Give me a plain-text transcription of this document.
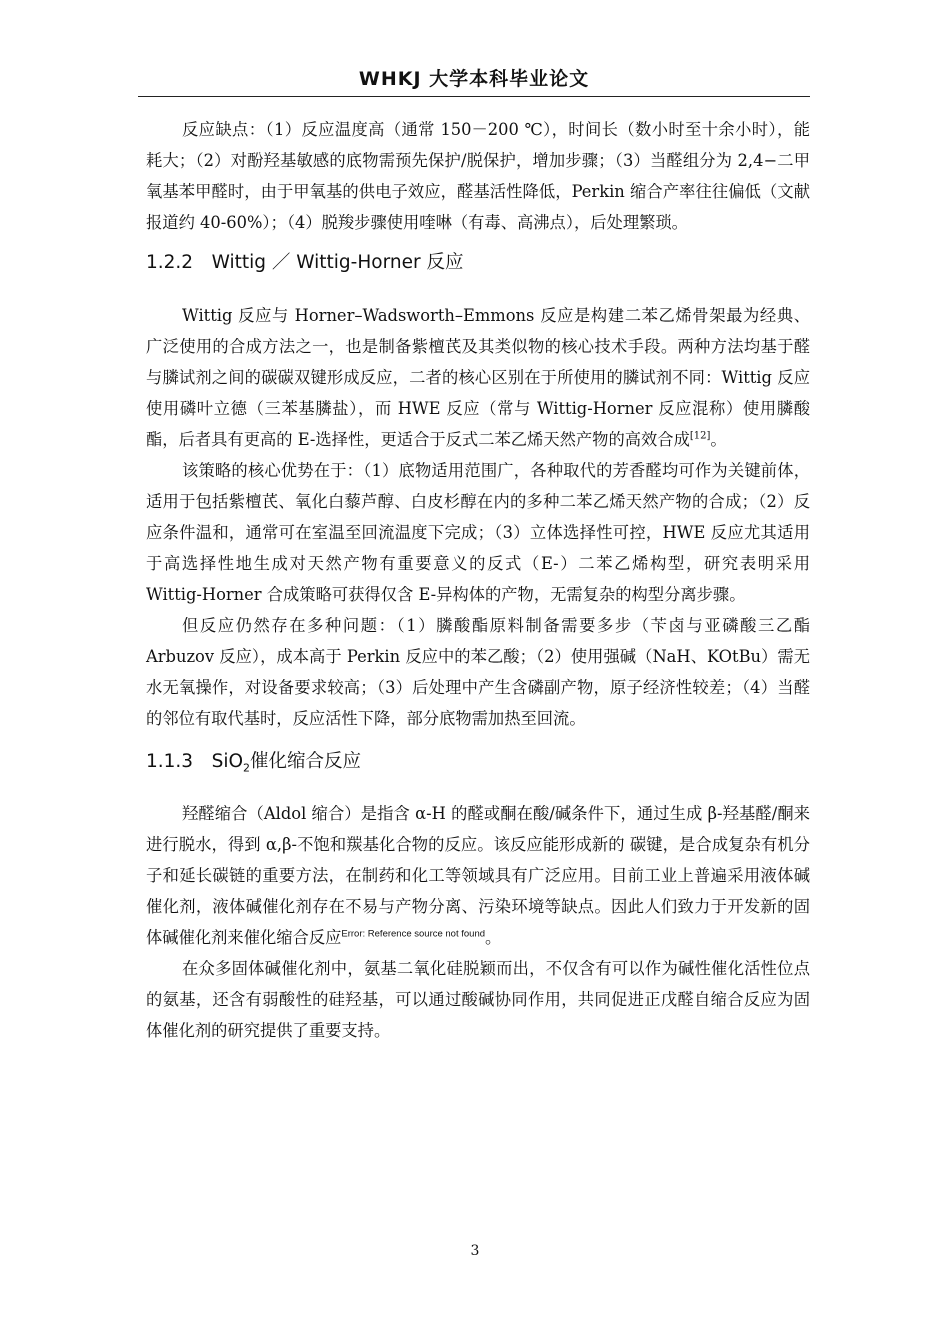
WHKJ 大学本科毕业论文

反应缺点：（1）反应温度高（通常 150－200 ℃），时间长（数小时至十余小时），能耗大；（2）对酚羟基敏感的底物需预先保护/脱保护，增加步骤；（3）当醛组分为 2,4−二甲氧基苯甲醛时，由于甲氧基的供电子效应，醛基活性降低，Perkin 缩合产率往往偏低（文献报道约 40-60%）；（4）脱羧步骤使用喹啉（有毒、高沸点），后处理繁琐。

1.2.2　Wittig ／ Wittig-Horner 反应

Wittig 反应与 Horner–Wadsworth–Emmons 反应是构建二苯乙烯骨架最为经典、广泛使用的合成方法之一，也是制备紫檀芪及其类似物的核心技术手段。两种方法均基于醛与膦试剂之间的碳碳双键形成反应，二者的核心区别在于所使用的膦试剂不同：Wittig 反应使用磷叶立德（三苯基膦盐），而 HWE 反应（常与 Wittig-Horner 反应混称）使用膦酸酯，后者具有更高的 E-选择性，更适合于反式二苯乙烯天然产物的高效合成[12]。

该策略的核心优势在于：（1）底物适用范围广，各种取代的芳香醛均可作为关键前体，适用于包括紫檀芪、氧化白藜芦醇、白皮杉醇在内的多种二苯乙烯天然产物的合成；（2）反应条件温和，通常可在室温至回流温度下完成；（3）立体选择性可控，HWE 反应尤其适用于高选择性地生成对天然产物有重要意义的反式（E-）二苯乙烯构型，研究表明采用 Wittig-Horner 合成策略可获得仅含 E-异构体的产物，无需复杂的构型分离步骤。

但反应仍然存在多种问题：（1）膦酸酯原料制备需要多步（苄卤与亚磷酸三乙酯 Arbuzov 反应），成本高于 Perkin 反应中的苯乙酸；（2）使用强碱（NaH、KOtBu）需无水无氧操作，对设备要求较高；（3）后处理中产生含磷副产物，原子经济性较差；（4）当醛的邻位有取代基时，反应活性下降，部分底物需加热至回流。

1.1.3　SiO$_2$催化缩合反应

羟醛缩合（Aldol 缩合）是指含 α-H 的醛或酮在酸/碱条件下，通过生成 β-羟基醛/酮来进行脱水，得到 α,β-不饱和羰基化合物的反应。该反应能形成新的 碳键，是合成复杂有机分子和延长碳链的重要方法，在制药和化工等领域具有广泛应用。目前工业上普遍采用液体碱催化剂，液体碱催化剂存在不易与产物分离、污染环境等缺点。因此人们致力于开发新的固体碱催化剂来催化缩合反应$^{Error: Reference source not found}$。

在众多固体碱催化剂中，氨基二氧化硅脱颖而出，不仅含有可以作为碱性催化活性位点的氨基，还含有弱酸性的硅羟基，可以通过酸碱协同作用，共同促进正戊醛自缩合反应为固体催化剂的研究提供了重要支持。

3
